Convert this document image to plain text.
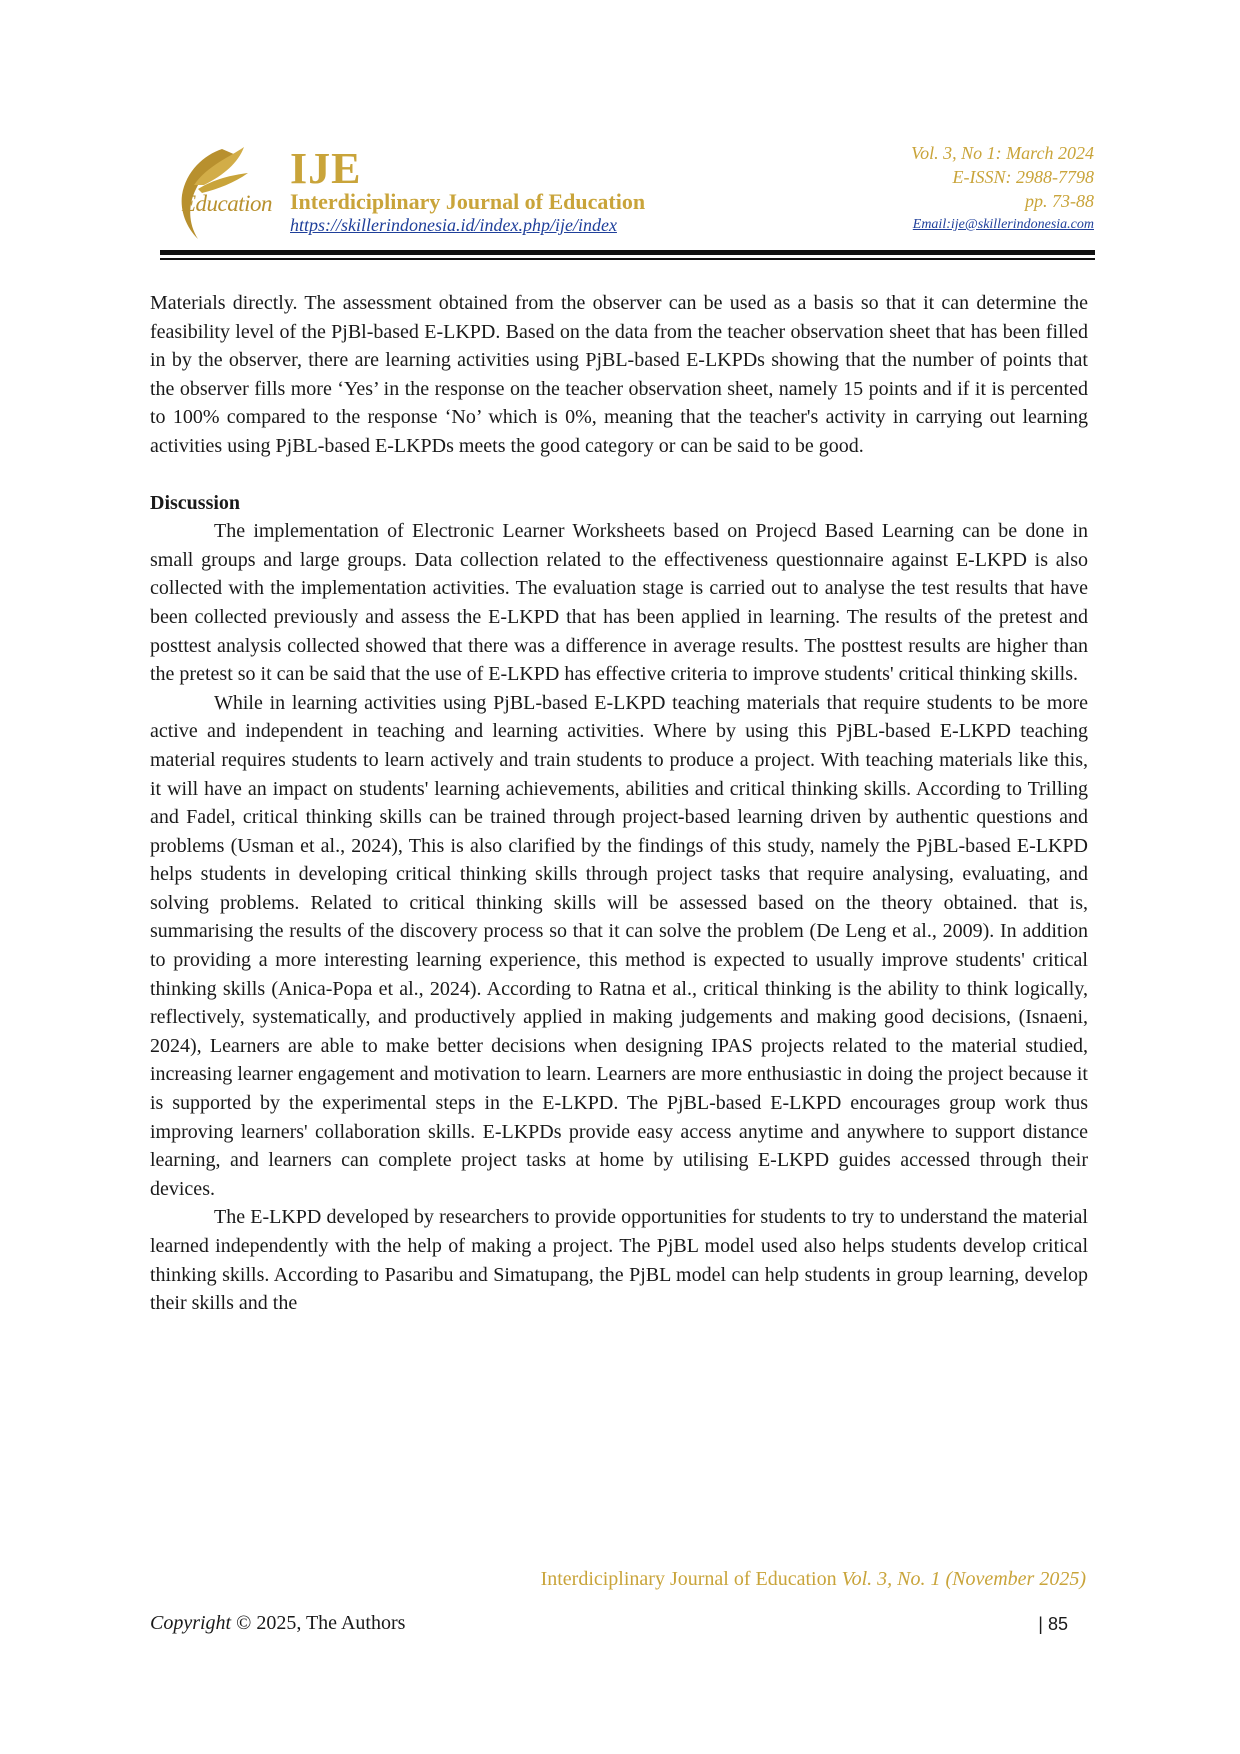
Education
IJE
Interdiciplinary Journal of Education
https://skillerindonesia.id/index.php/ije/index
Vol. 3, No 1: March 2024
E-ISSN: 2988-7798
pp. 73-88
Email:ije@skillerindonesia.com

Materials directly. The assessment obtained from the observer can be used as a basis so that it can determine the feasibility level of the PjBl-based E-LKPD. Based on the data from the teacher observation sheet that has been filled in by the observer, there are learning activities using PjBL-based E-LKPDs showing that the number of points that the observer fills more ‘Yes’ in the response on the teacher observation sheet, namely 15 points and if it is percented to 100% compared to the response ‘No’ which is 0%, meaning that the teacher's activity in carrying out learning activities using PjBL-based E-LKPDs meets the good category or can be said to be good.

Discussion

The implementation of Electronic Learner Worksheets based on Projecd Based Learning can be done in small groups and large groups. Data collection related to the effectiveness questionnaire against E-LKPD is also collected with the implementation activities. The evaluation stage is carried out to analyse the test results that have been collected previously and assess the E-LKPD that has been applied in learning. The results of the pretest and posttest analysis collected showed that there was a difference in average results. The posttest results are higher than the pretest so it can be said that the use of E-LKPD has effective criteria to improve students' critical thinking skills.

While in learning activities using PjBL-based E-LKPD teaching materials that require students to be more active and independent in teaching and learning activities. Where by using this PjBL-based E-LKPD teaching material requires students to learn actively and train students to produce a project. With teaching materials like this, it will have an impact on students' learning achievements, abilities and critical thinking skills. According to Trilling and Fadel, critical thinking skills can be trained through project-based learning driven by authentic questions and problems (Usman et al., 2024), This is also clarified by the findings of this study, namely the PjBL-based E-LKPD helps students in developing critical thinking skills through project tasks that require analysing, evaluating, and solving problems. Related to critical thinking skills will be assessed based on the theory obtained. that is, summarising the results of the discovery process so that it can solve the problem (De Leng et al., 2009). In addition to providing a more interesting learning experience, this method is expected to usually improve students' critical thinking skills (Anica-Popa et al., 2024). According to Ratna et al., critical thinking is the ability to think logically, reflectively, systematically, and productively applied in making judgements and making good decisions, (Isnaeni, 2024), Learners are able to make better decisions when designing IPAS projects related to the material studied, increasing learner engagement and motivation to learn. Learners are more enthusiastic in doing the project because it is supported by the experimental steps in the E-LKPD. The PjBL-based E-LKPD encourages group work thus improving learners' collaboration skills. E-LKPDs provide easy access anytime and anywhere to support distance learning, and learners can complete project tasks at home by utilising E-LKPD guides accessed through their devices.

The E-LKPD developed by researchers to provide opportunities for students to try to understand the material learned independently with the help of making a project. The PjBL model used also helps students develop critical thinking skills. According to Pasaribu and Simatupang, the PjBL model can help students in group learning, develop their skills and the

Interdiciplinary Journal of Education Vol. 3, No. 1 (November 2025)
Copyright © 2025, The Authors	| 85
